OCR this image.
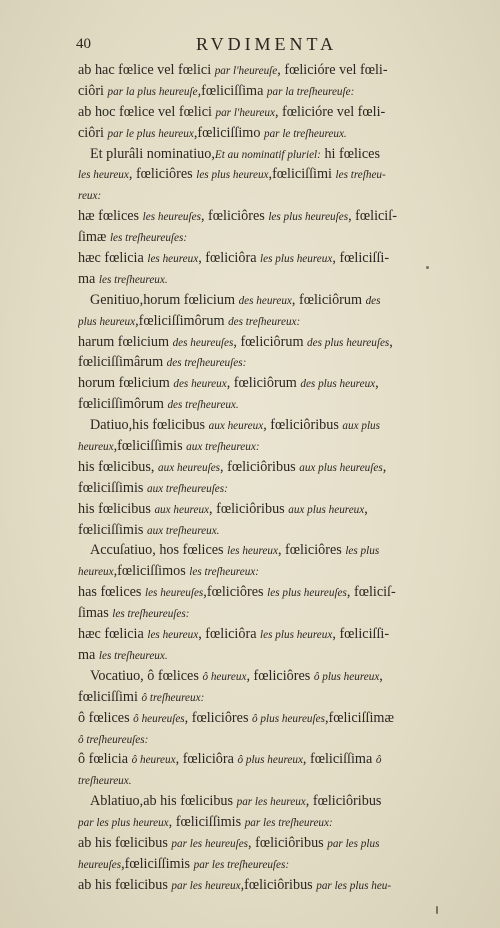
40	RVDIMENTA
ab hac fœlice vel fœlici par l'heureuſe, fœlicióre vel fœli-
ciôri par la plus heureuſe,fœliciſſima par la treſheureuſe:
ab hoc fœlice vel fœlici par l'heureux, fœlicióre vel fœli-
ciôri par le plus heureux,fœliciſſimo par le treſheureux.
Et plurâli nominatiuo,Et au nominatif pluriel: hi fœlices
les heureux, fœliciôres les plus heureux,fœliciſſimi les treſheu-
reux:
hæ fœlices les heureuſes, fœliciôres les plus heureuſes, fœliciſ-
ſimæ les treſheureuſes:
hæc fœlicia les heureux, fœliciôra les plus heureux, fœliciſſi-
ma les treſheureux.
Genitiuo,horum fœlicium des heureux, fœliciôrum des
plus heureux,fœliciſſimôrum des treſheureux:
harum fœlicium des heureuſes, fœliciôrum des plus heureuſes,
fœliciſſimârum des treſheureuſes:
horum fœlicium des heureux, fœliciôrum des plus heureux,
fœliciſſimôrum des treſheureux.
Datiuo,his fœlicibus aux heureux, fœliciôribus aux plus
heureux,fœliciſſimis aux treſheureux:
his fœlicibus, aux heureuſes, fœliciôribus aux plus heureuſes,
fœliciſſimis aux treſheureuſes:
his fœlicibus aux heureux, fœliciôribus aux plus heureux,
fœliciſſimis aux treſheureux.
Accuſatiuo, hos fœlices les heureux, fœliciôres les plus
heureux,fœliciſſimos les treſheureux:
has fœlices les heureuſes,fœliciôres les plus heureuſes, fœliciſ-
ſimas les treſheureuſes:
hæc fœlicia les heureux, fœliciôra les plus heureux, fœliciſſi-
ma les treſheureux.
Vocatiuo, ô fœlices ô heureux, fœliciôres ô plus heureux,
fœliciſſimi ô treſheureux:
ô fœlices ô heureuſes, fœliciôres ô plus heureuſes,fœliciſſimæ
ô treſheureuſes:
ô fœlicia ô heureux, fœliciôra ô plus heureux, fœliciſſima ô
treſheureux.
Ablatiuo,ab his fœlicibus par les heureux, fœliciôribus
par les plus heureux, fœliciſſimis par les treſheureux:
ab his fœlicibus par les heureuſes, fœliciôribus par les plus
heureuſes,fœliciſſimis par les treſheureuſes:
ab his fœlicibus par les heureux,fœliciôribus par les plus heu-
